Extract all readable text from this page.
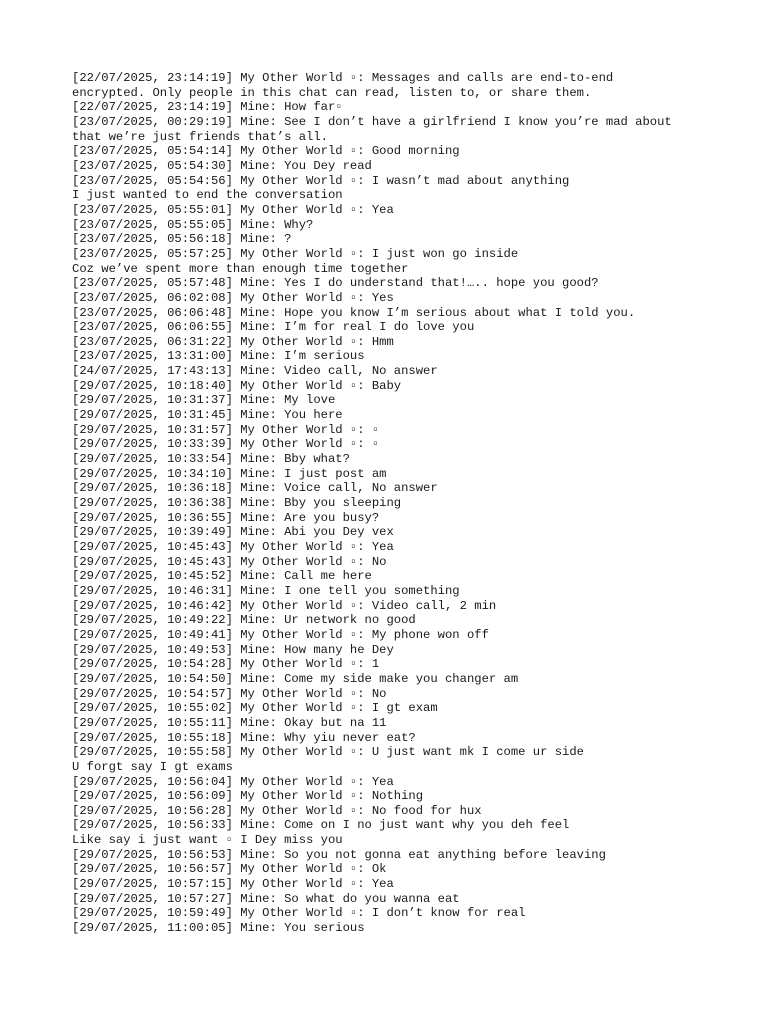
[22/07/2025, 23:14:19] My Other World ▫: Messages and calls are end-to-end
encrypted. Only people in this chat can read, listen to, or share them.
[22/07/2025, 23:14:19] Mine: How far▫
[23/07/2025, 00:29:19] Mine: See I don’t have a girlfriend I know you’re mad about
that we’re just friends that’s all.
[23/07/2025, 05:54:14] My Other World ▫: Good morning
[23/07/2025, 05:54:30] Mine: You Dey read
[23/07/2025, 05:54:56] My Other World ▫: I wasn’t mad about anything
I just wanted to end the conversation
[23/07/2025, 05:55:01] My Other World ▫: Yea
[23/07/2025, 05:55:05] Mine: Why?
[23/07/2025, 05:56:18] Mine: ?
[23/07/2025, 05:57:25] My Other World ▫: I just won go inside
Coz we’ve spent more than enough time together
[23/07/2025, 05:57:48] Mine: Yes I do understand that!….. hope you good?
[23/07/2025, 06:02:08] My Other World ▫: Yes
[23/07/2025, 06:06:48] Mine: Hope you know I’m serious about what I told you.
[23/07/2025, 06:06:55] Mine: I’m for real I do love you
[23/07/2025, 06:31:22] My Other World ▫: Hmm
[23/07/2025, 13:31:00] Mine: I’m serious
[24/07/2025, 17:43:13] Mine: Video call, No answer
[29/07/2025, 10:18:40] My Other World ▫: Baby
[29/07/2025, 10:31:37] Mine: My love
[29/07/2025, 10:31:45] Mine: You here
[29/07/2025, 10:31:57] My Other World ▫: ▫
[29/07/2025, 10:33:39] My Other World ▫: ▫
[29/07/2025, 10:33:54] Mine: Bby what?
[29/07/2025, 10:34:10] Mine: I just post am
[29/07/2025, 10:36:18] Mine: Voice call, No answer
[29/07/2025, 10:36:38] Mine: Bby you sleeping
[29/07/2025, 10:36:55] Mine: Are you busy?
[29/07/2025, 10:39:49] Mine: Abi you Dey vex
[29/07/2025, 10:45:43] My Other World ▫: Yea
[29/07/2025, 10:45:43] My Other World ▫: No
[29/07/2025, 10:45:52] Mine: Call me here
[29/07/2025, 10:46:31] Mine: I one tell you something
[29/07/2025, 10:46:42] My Other World ▫: Video call, 2 min
[29/07/2025, 10:49:22] Mine: Ur network no good
[29/07/2025, 10:49:41] My Other World ▫: My phone won off
[29/07/2025, 10:49:53] Mine: How many he Dey
[29/07/2025, 10:54:28] My Other World ▫: 1
[29/07/2025, 10:54:50] Mine: Come my side make you changer am
[29/07/2025, 10:54:57] My Other World ▫: No
[29/07/2025, 10:55:02] My Other World ▫: I gt exam
[29/07/2025, 10:55:11] Mine: Okay but na 11
[29/07/2025, 10:55:18] Mine: Why yiu never eat?
[29/07/2025, 10:55:58] My Other World ▫: U just want mk I come ur side
U forgt say I gt exams
[29/07/2025, 10:56:04] My Other World ▫: Yea
[29/07/2025, 10:56:09] My Other World ▫: Nothing
[29/07/2025, 10:56:28] My Other World ▫: No food for hux
[29/07/2025, 10:56:33] Mine: Come on I no just want why you deh feel
Like say i just want ▫ I Dey miss you
[29/07/2025, 10:56:53] Mine: So you not gonna eat anything before leaving
[29/07/2025, 10:56:57] My Other World ▫: Ok
[29/07/2025, 10:57:15] My Other World ▫: Yea
[29/07/2025, 10:57:27] Mine: So what do you wanna eat
[29/07/2025, 10:59:49] My Other World ▫: I don’t know for real
[29/07/2025, 11:00:05] Mine: You serious
